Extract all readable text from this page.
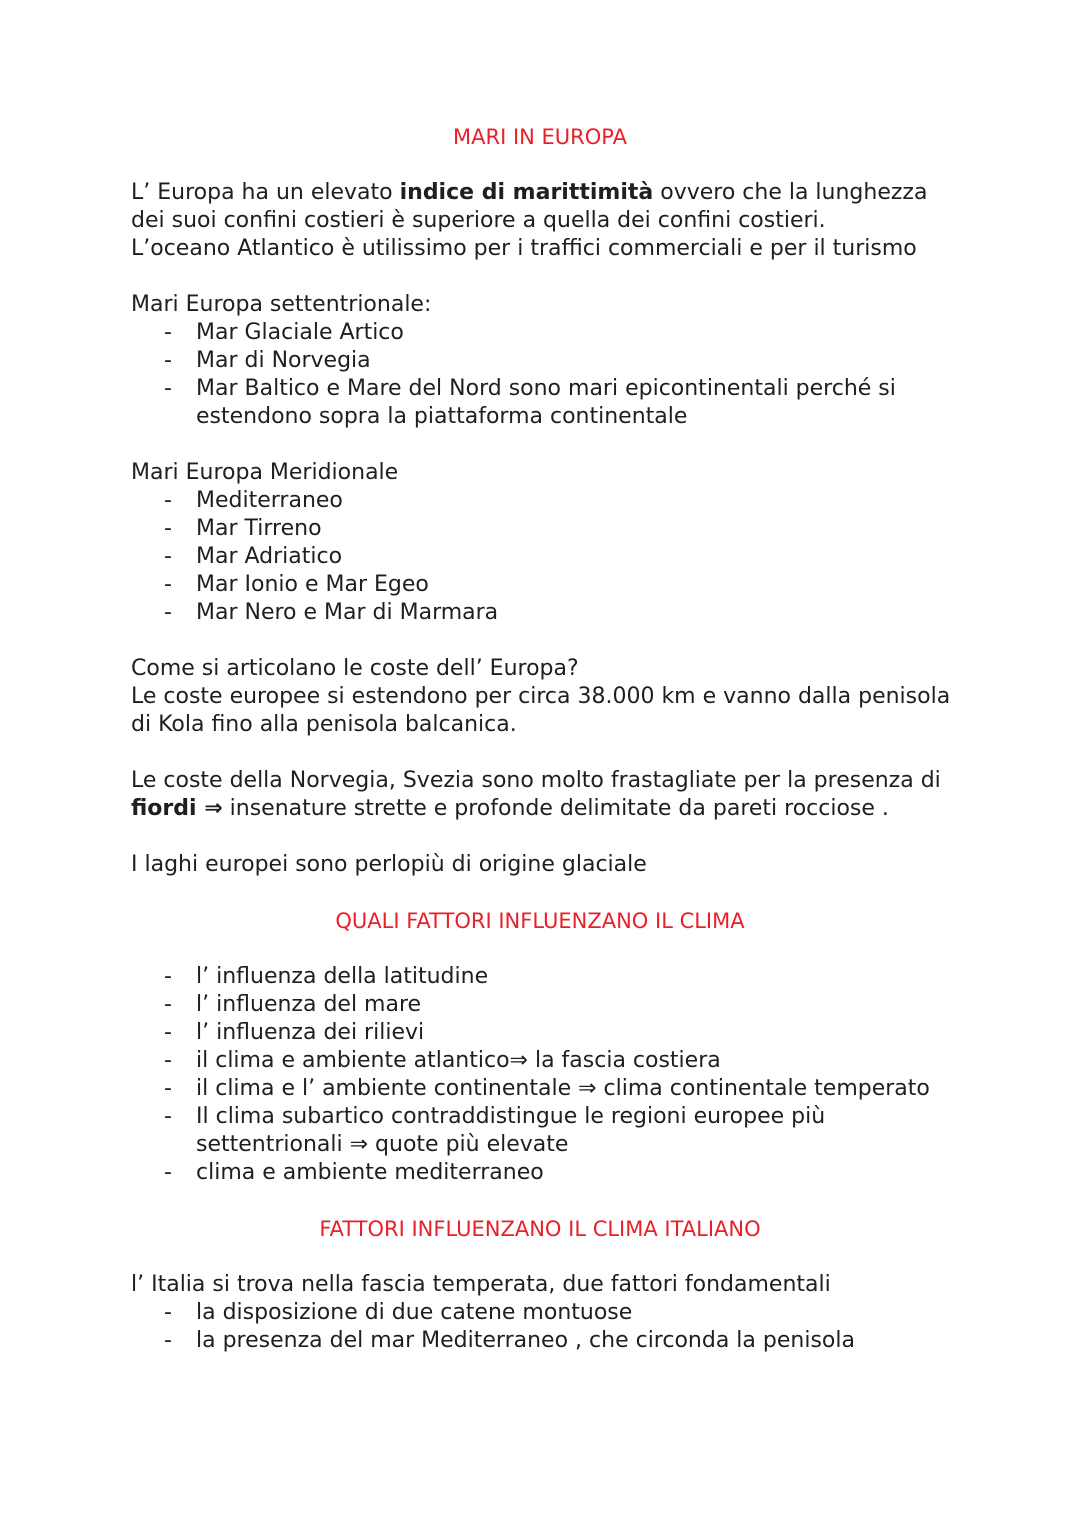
MARI IN EUROPA

L’ Europa ha un elevato indice di marittimità ovvero che la lunghezza dei suoi confini costieri è superiore a quella dei confini costieri.

L’oceano Atlantico è utilissimo per i traffici commerciali e per il turismo

Mari Europa settentrionale:

- Mar Glaciale Artico
- Mar di Norvegia
- Mar Baltico e Mare del Nord sono mari epicontinentali perché si estendono sopra la piattaforma continentale

Mari Europa Meridionale

- Mediterraneo
- Mar Tirreno
- Mar Adriatico
- Mar Ionio e Mar Egeo
- Mar Nero e Mar di Marmara

Come si articolano le coste dell’ Europa?

Le coste europee si estendono per circa 38.000 km e vanno dalla penisola di Kola fino alla penisola balcanica.

Le coste della Norvegia, Svezia sono molto frastagliate per la presenza di fiordi ⇒ insenature strette e profonde delimitate da pareti rocciose .

I laghi europei sono perlopiù di origine glaciale

QUALI FATTORI INFLUENZANO IL CLIMA
- l’ influenza della latitudine
- l’ influenza del mare
- l’ influenza dei rilievi
- il clima e ambiente atlantico⇒ la fascia costiera
- il clima e l’ ambiente continentale ⇒ clima continentale temperato
- Il clima subartico contraddistingue le regioni europee più settentrionali ⇒ quote più elevate
- clima e ambiente mediterraneo
FATTORI INFLUENZANO IL CLIMA ITALIANO

l’ Italia si trova nella fascia temperata, due fattori fondamentali

- la disposizione di due catene montuose
- la presenza del mar Mediterraneo , che circonda la penisola
